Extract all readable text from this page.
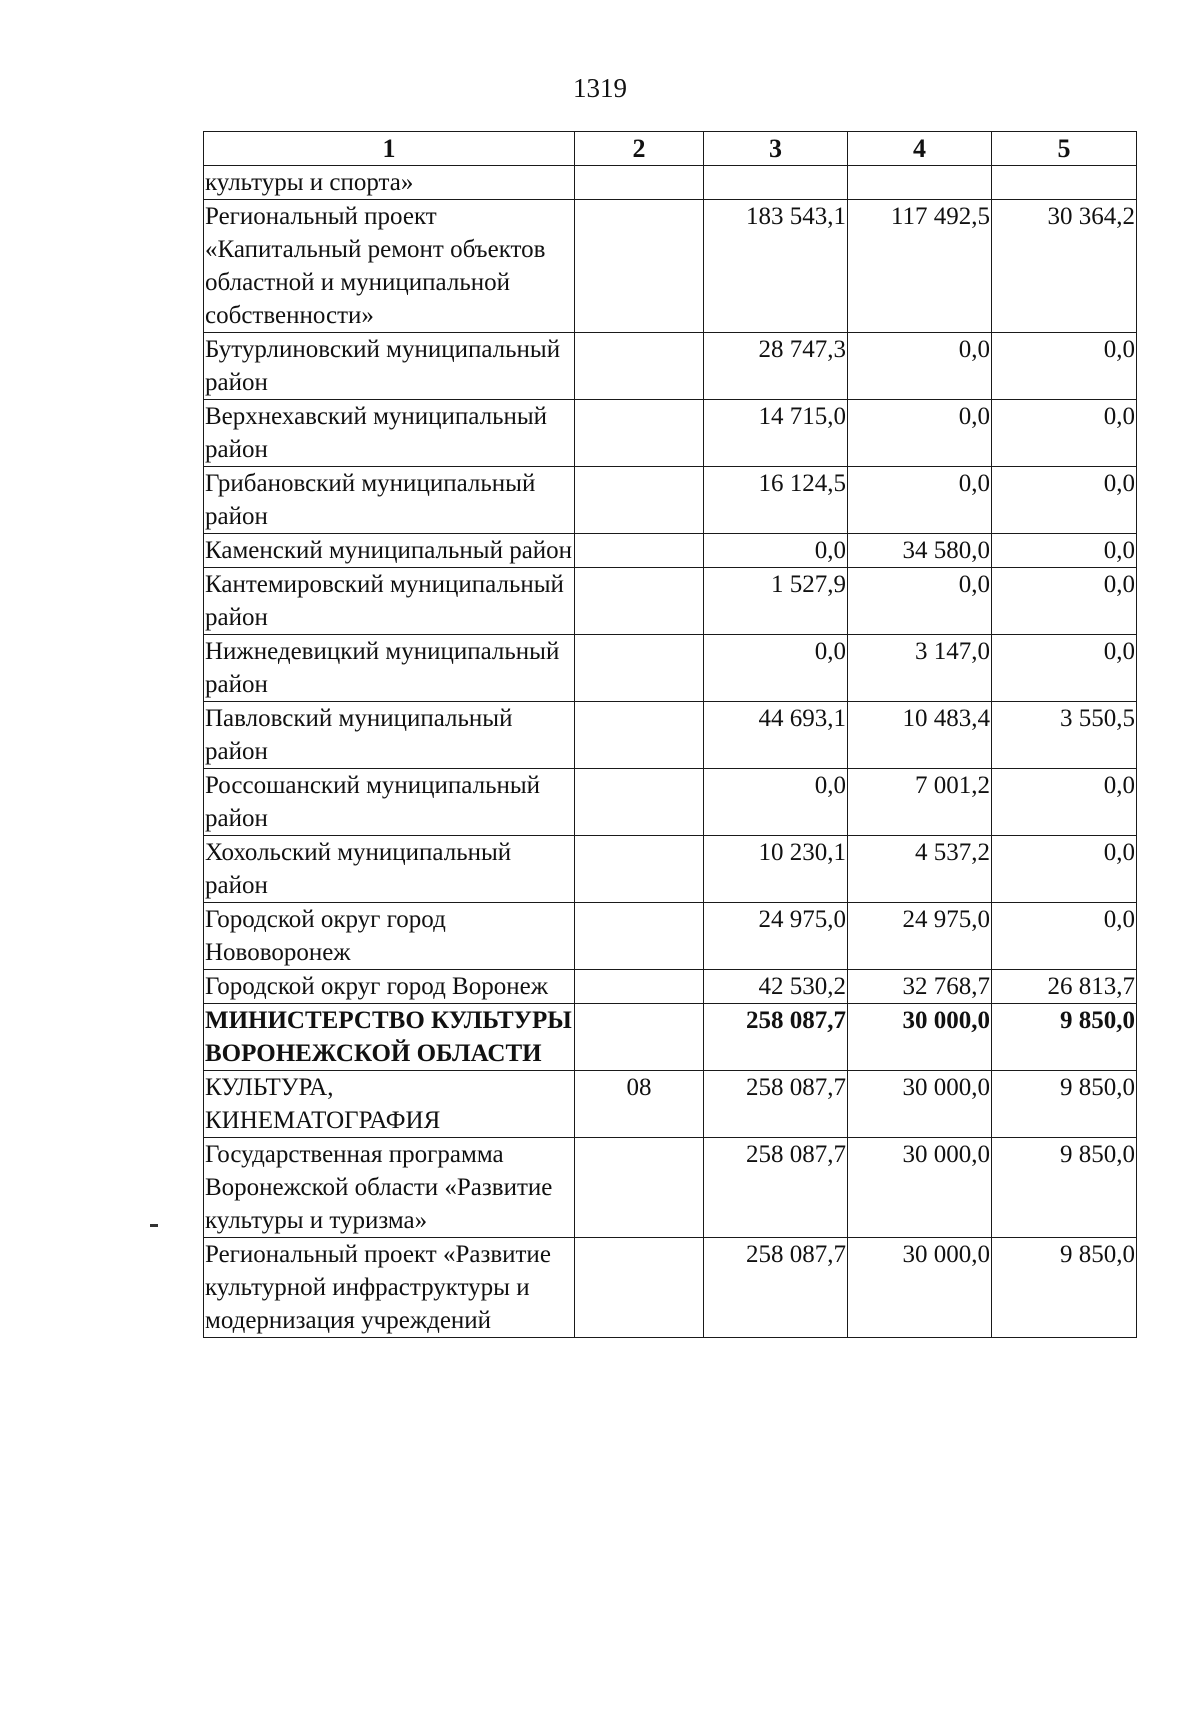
1319
1	2	3	4	5
культуры и спорта»				
Региональный проект «Капитальный ремонт объектов областной и муниципальной собственности»		183 543,1	117 492,5	30 364,2
Бутурлиновский муниципальный район		28 747,3	0,0	0,0
Верхнехавский муниципальный район		14 715,0	0,0	0,0
Грибановский муниципальный район		16 124,5	0,0	0,0
Каменский муниципальный район		0,0	34 580,0	0,0
Кантемировский муниципальный район		1 527,9	0,0	0,0
Нижнедевицкий муниципальный район		0,0	3 147,0	0,0
Павловский муниципальный район		44 693,1	10 483,4	3 550,5
Россошанский муниципальный район		0,0	7 001,2	0,0
Хохольский муниципальный район		10 230,1	4 537,2	0,0
Городской округ город Нововоронеж		24 975,0	24 975,0	0,0
Городской округ город Воронеж		42 530,2	32 768,7	26 813,7
МИНИСТЕРСТВО КУЛЬТУРЫ ВОРОНЕЖСКОЙ ОБЛАСТИ		258 087,7	30 000,0	9 850,0
КУЛЬТУРА, КИНЕМАТОГРАФИЯ	08	258 087,7	30 000,0	9 850,0
Государственная программа Воронежской области «Развитие культуры и туризма»		258 087,7	30 000,0	9 850,0
Региональный проект «Развитие культурной инфраструктуры и модернизация учреждений		258 087,7	30 000,0	9 850,0
